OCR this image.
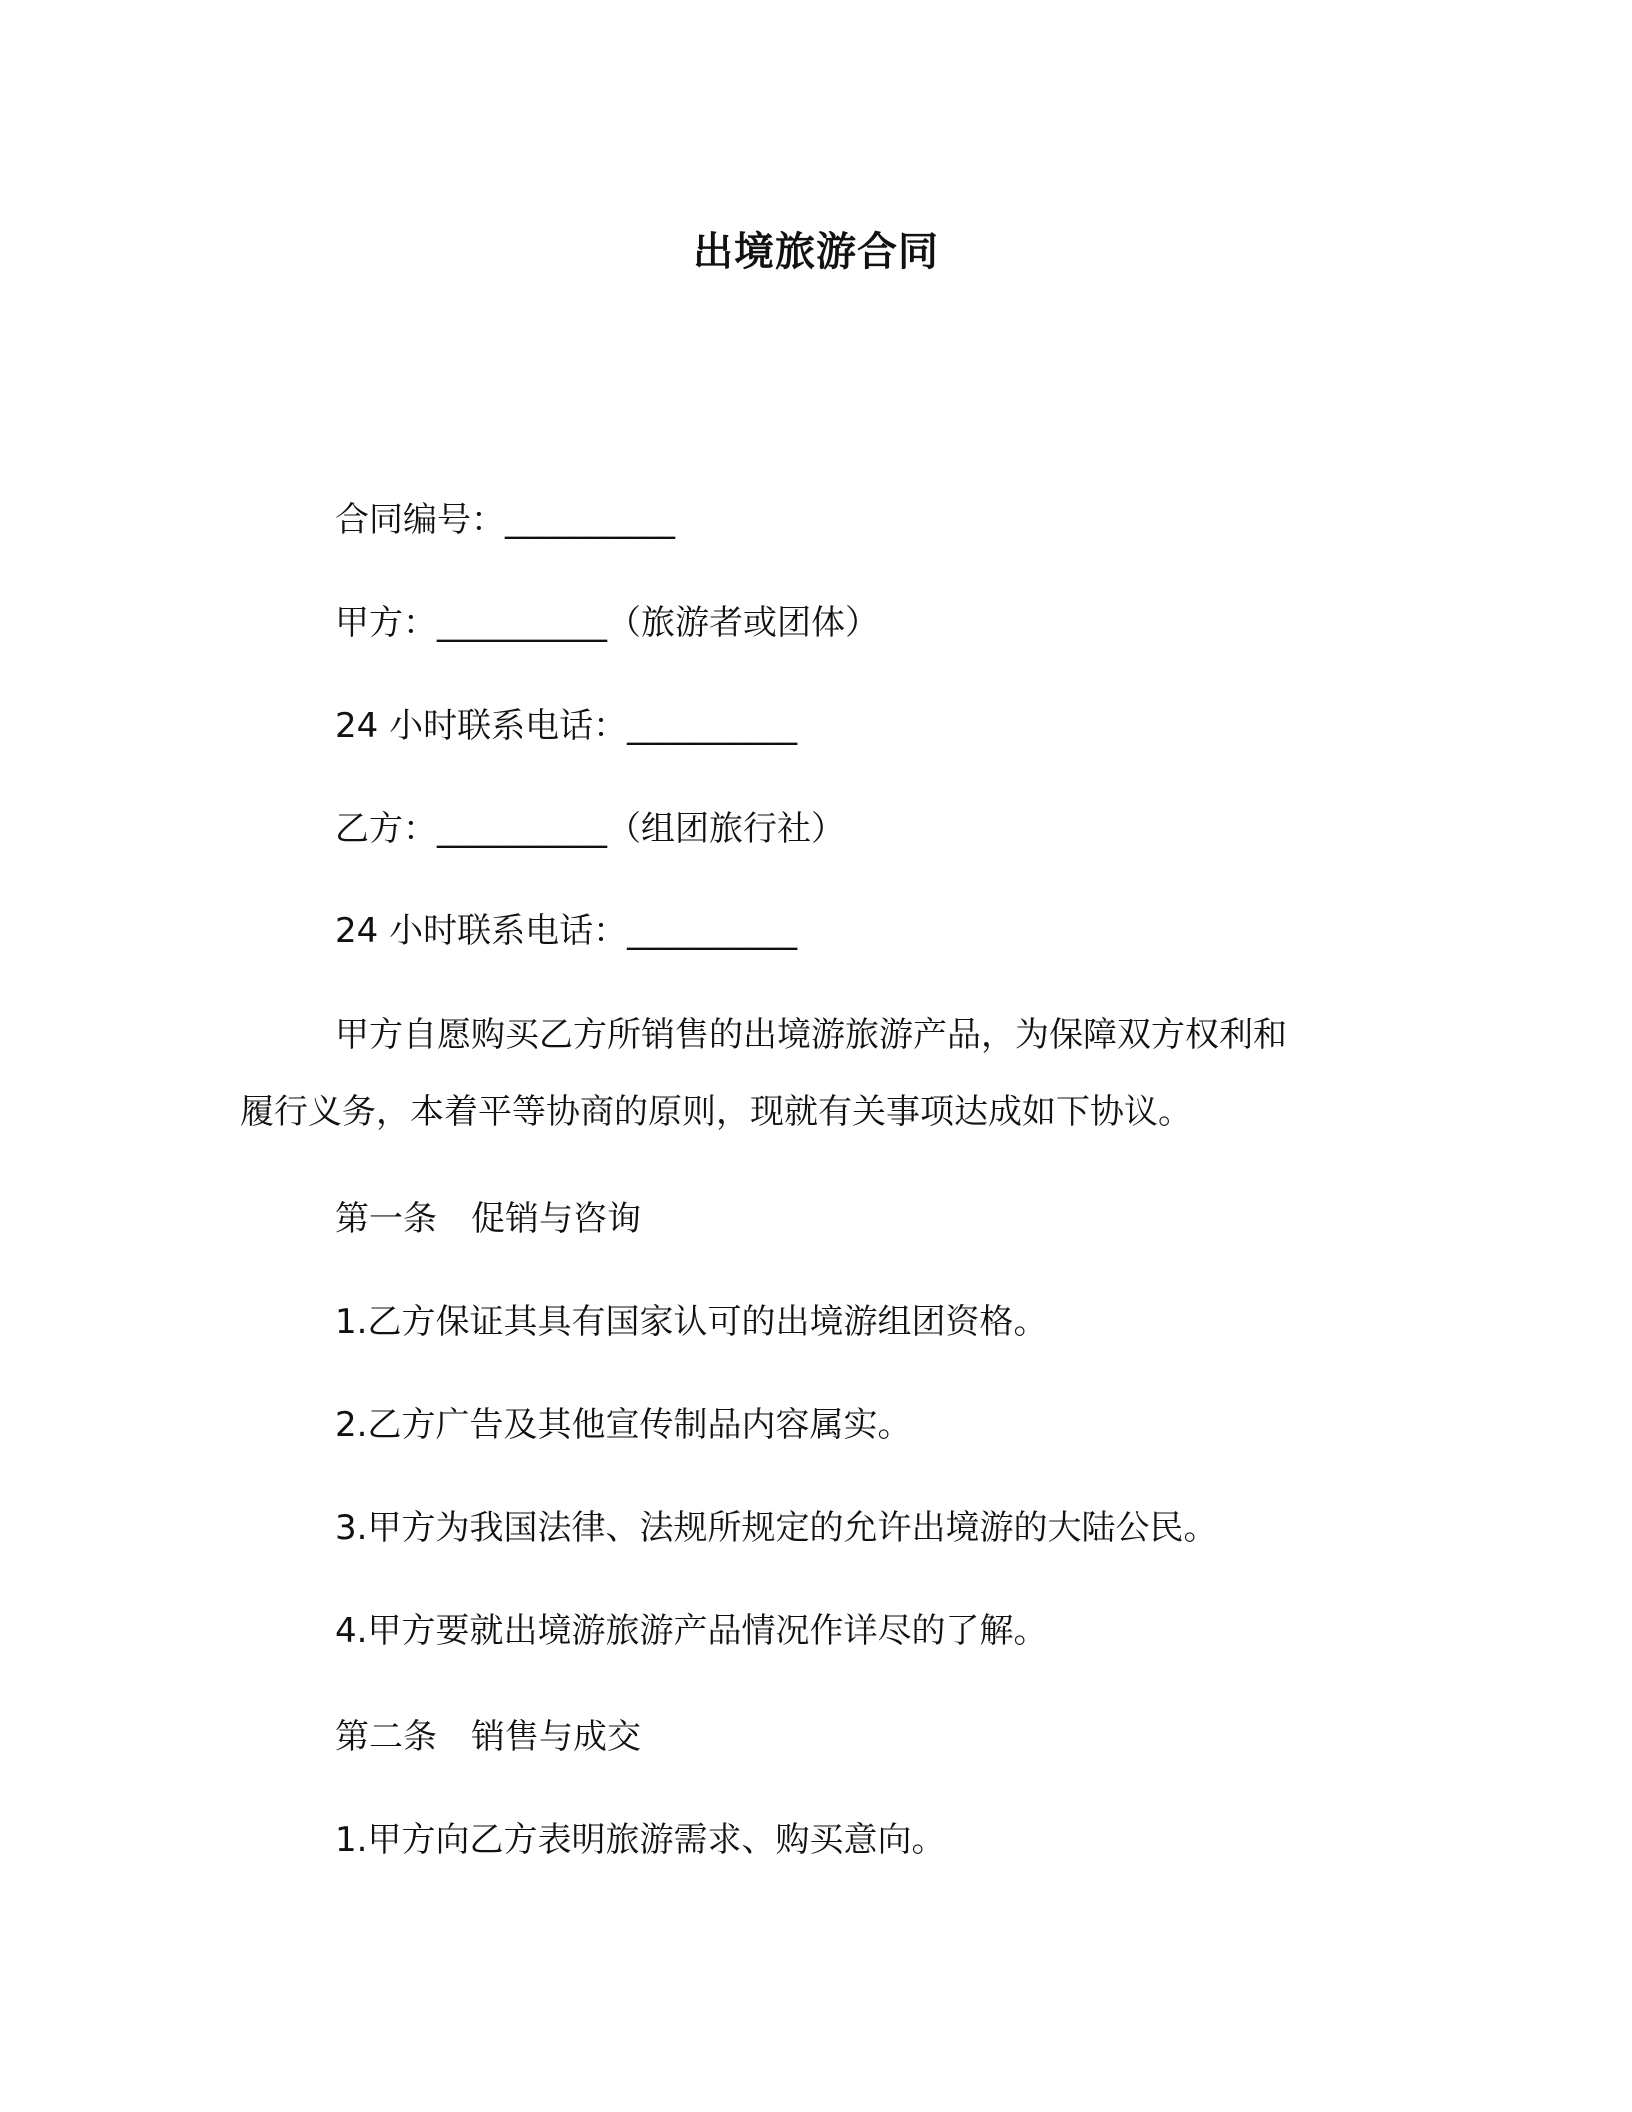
出境旅游合同
合同编号：__________
甲方：__________（旅游者或团体）
24 小时联系电话：__________
乙方：__________（组团旅行社）
24 小时联系电话：__________
甲方自愿购买乙方所销售的出境游旅游产品，为保障双方权利和
履行义务，本着平等协商的原则，现就有关事项达成如下协议。
第一条　促销与咨询
1.乙方保证其具有国家认可的出境游组团资格。
2.乙方广告及其他宣传制品内容属实。
3.甲方为我国法律、法规所规定的允许出境游的大陆公民。
4.甲方要就出境游旅游产品情况作详尽的了解。
第二条　销售与成交
1.甲方向乙方表明旅游需求、购买意向。
